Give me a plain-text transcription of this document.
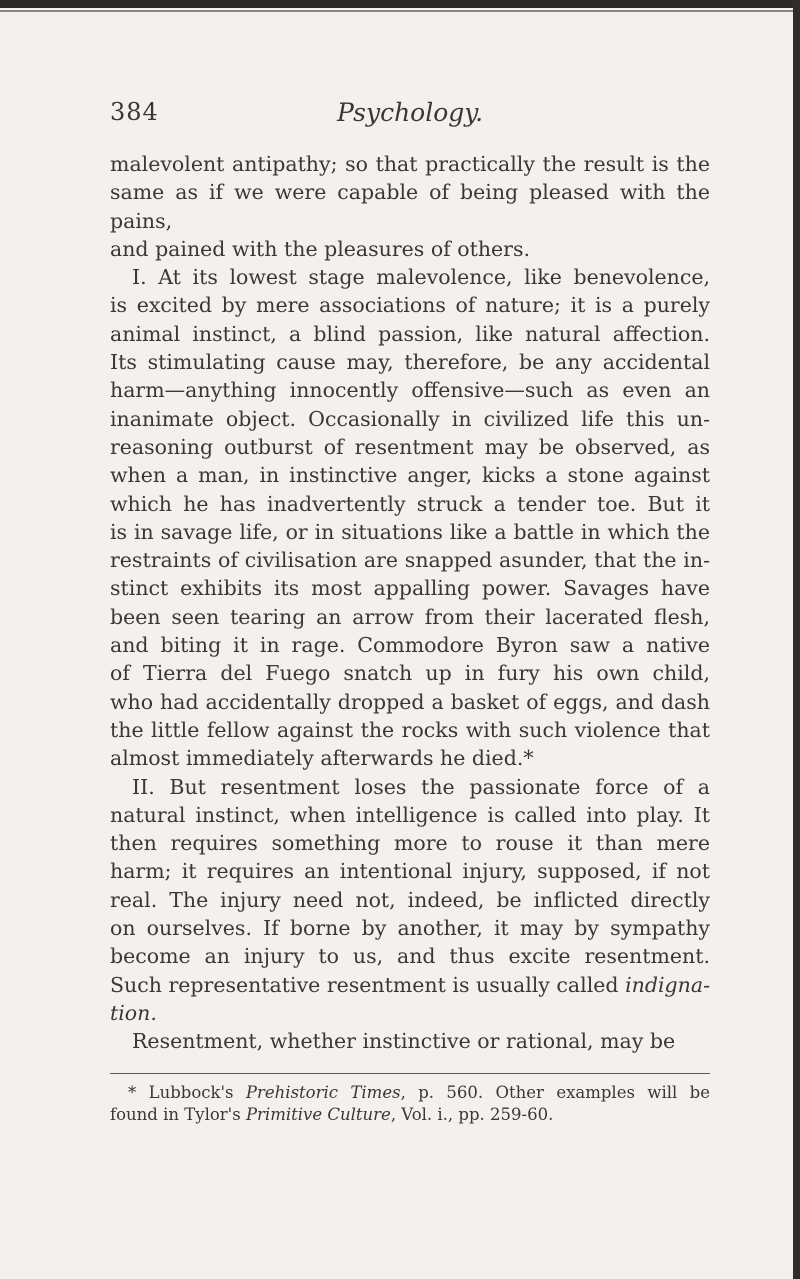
384	Psychology.

malevolent antipathy; so that practically the result is the

same as if we were capable of being pleased with the pains,

and pained with the pleasures of others.

I. At its lowest stage malevolence, like benevolence,

is excited by mere associations of nature; it is a purely

animal instinct, a blind passion, like natural affection.

Its stimulating cause may, therefore, be any accidental

harm—anything innocently offensive—such as even an

inanimate object. Occasionally in civilized life this un-

reasoning outburst of resentment may be observed, as

when a man, in instinctive anger, kicks a stone against

which he has inadvertently struck a tender toe. But it

is in savage life, or in situations like a battle in which the

restraints of civilisation are snapped asunder, that the in-

stinct exhibits its most appalling power. Savages have

been seen tearing an arrow from their lacerated flesh,

and biting it in rage. Commodore Byron saw a native

of Tierra del Fuego snatch up in fury his own child,

who had accidentally dropped a basket of eggs, and dash

the little fellow against the rocks with such violence that

almost immediately afterwards he died.*

II. But resentment loses the passionate force of a

natural instinct, when intelligence is called into play. It

then requires something more to rouse it than mere

harm; it requires an intentional injury, supposed, if not

real. The injury need not, indeed, be inflicted directly

on ourselves. If borne by another, it may by sympathy

become an injury to us, and thus excite resentment.

Such representative resentment is usually called indigna-

tion.

Resentment, whether instinctive or rational, may be

* Lubbock's Prehistoric Times, p. 560. Other examples will be

found in Tylor's Primitive Culture, Vol. i., pp. 259-60.
